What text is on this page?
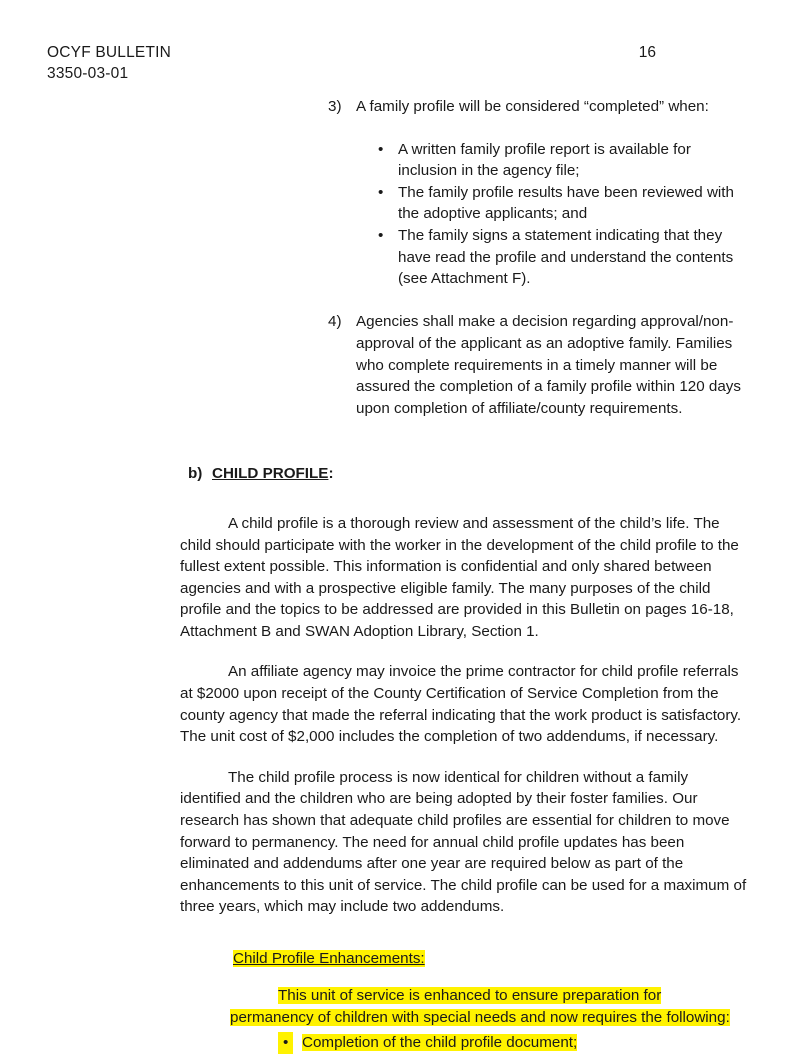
OCYF BULLETIN
3350-03-01
16
3) A family profile will be considered “completed” when:
• A written family profile report is available for inclusion in the agency file;
• The family profile results have been reviewed with the adoptive applicants; and
• The family signs a statement indicating that they have read the profile and understand the contents (see Attachment F).
4) Agencies shall make a decision regarding approval/non-approval of the applicant as an adoptive family. Families who complete requirements in a timely manner will be assured the completion of a family profile within 120 days upon completion of affiliate/county requirements.
b) CHILD PROFILE:

A child profile is a thorough review and assessment of the child’s life. The child should participate with the worker in the development of the child profile to the fullest extent possible. This information is confidential and only shared between agencies and with a prospective eligible family. The many purposes of the child profile and the topics to be addressed are provided in this Bulletin on pages 16-18, Attachment B and SWAN Adoption Library, Section 1.

An affiliate agency may invoice the prime contractor for child profile referrals at $2000 upon receipt of the County Certification of Service Completion from the county agency that made the referral indicating that the work product is satisfactory. The unit cost of $2,000 includes the completion of two addendums, if necessary.

The child profile process is now identical for children without a family identified and the children who are being adopted by their foster families. Our research has shown that adequate child profiles are essential for children to move forward to permanency. The need for annual child profile updates has been eliminated and addendums after one year are required below as part of the enhancements to this unit of service. The child profile can be used for a maximum of three years, which may include two addendums.

Child Profile Enhancements:

This unit of service is enhanced to ensure preparation for permanency of children with special needs and now requires the following:

• Completion of the child profile document;
